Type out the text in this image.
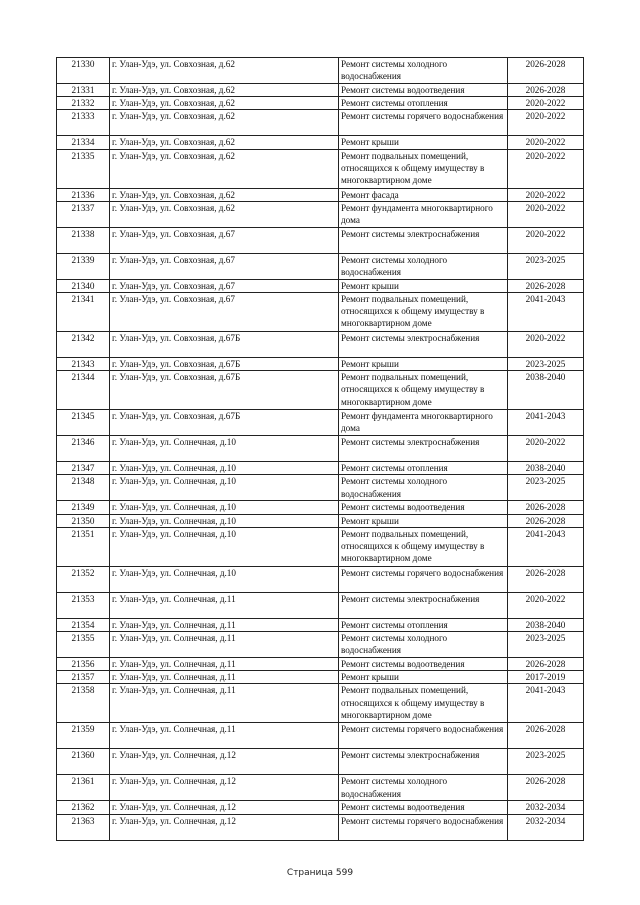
21330	г. Улан-Удэ, ул. Совхозная, д.62	Ремонт системы холодного водоснабжения	2026-2028
21331	г. Улан-Удэ, ул. Совхозная, д.62	Ремонт системы водоотведения	2026-2028
21332	г. Улан-Удэ, ул. Совхозная, д.62	Ремонт системы отопления	2020-2022
21333	г. Улан-Удэ, ул. Совхозная, д.62	Ремонт системы горячего водоснабжения	2020-2022
21334	г. Улан-Удэ, ул. Совхозная, д.62	Ремонт крыши	2020-2022
21335	г. Улан-Удэ, ул. Совхозная, д.62	Ремонт подвальных помещений, относящихся к общему имуществу в многоквартирном доме	2020-2022
21336	г. Улан-Удэ, ул. Совхозная, д.62	Ремонт фасада	2020-2022
21337	г. Улан-Удэ, ул. Совхозная, д.62	Ремонт фундамента многоквартирного дома	2020-2022
21338	г. Улан-Удэ, ул. Совхозная, д.67	Ремонт системы электроснабжения	2020-2022
21339	г. Улан-Удэ, ул. Совхозная, д.67	Ремонт системы холодного водоснабжения	2023-2025
21340	г. Улан-Удэ, ул. Совхозная, д.67	Ремонт крыши	2026-2028
21341	г. Улан-Удэ, ул. Совхозная, д.67	Ремонт подвальных помещений, относящихся к общему имуществу в многоквартирном доме	2041-2043
21342	г. Улан-Удэ, ул. Совхозная, д.67Б	Ремонт системы электроснабжения	2020-2022
21343	г. Улан-Удэ, ул. Совхозная, д.67Б	Ремонт крыши	2023-2025
21344	г. Улан-Удэ, ул. Совхозная, д.67Б	Ремонт подвальных помещений, относящихся к общему имуществу в многоквартирном доме	2038-2040
21345	г. Улан-Удэ, ул. Совхозная, д.67Б	Ремонт фундамента многоквартирного дома	2041-2043
21346	г. Улан-Удэ, ул. Солнечная, д.10	Ремонт системы электроснабжения	2020-2022
21347	г. Улан-Удэ, ул. Солнечная, д.10	Ремонт системы отопления	2038-2040
21348	г. Улан-Удэ, ул. Солнечная, д.10	Ремонт системы холодного водоснабжения	2023-2025
21349	г. Улан-Удэ, ул. Солнечная, д.10	Ремонт системы водоотведения	2026-2028
21350	г. Улан-Удэ, ул. Солнечная, д.10	Ремонт крыши	2026-2028
21351	г. Улан-Удэ, ул. Солнечная, д.10	Ремонт подвальных помещений, относящихся к общему имуществу в многоквартирном доме	2041-2043
21352	г. Улан-Удэ, ул. Солнечная, д.10	Ремонт системы горячего водоснабжения	2026-2028
21353	г. Улан-Удэ, ул. Солнечная, д.11	Ремонт системы электроснабжения	2020-2022
21354	г. Улан-Удэ, ул. Солнечная, д.11	Ремонт системы отопления	2038-2040
21355	г. Улан-Удэ, ул. Солнечная, д.11	Ремонт системы холодного водоснабжения	2023-2025
21356	г. Улан-Удэ, ул. Солнечная, д.11	Ремонт системы водоотведения	2026-2028
21357	г. Улан-Удэ, ул. Солнечная, д.11	Ремонт крыши	2017-2019
21358	г. Улан-Удэ, ул. Солнечная, д.11	Ремонт подвальных помещений, относящихся к общему имуществу в многоквартирном доме	2041-2043
21359	г. Улан-Удэ, ул. Солнечная, д.11	Ремонт системы горячего водоснабжения	2026-2028
21360	г. Улан-Удэ, ул. Солнечная, д.12	Ремонт системы электроснабжения	2023-2025
21361	г. Улан-Удэ, ул. Солнечная, д.12	Ремонт системы холодного водоснабжения	2026-2028
21362	г. Улан-Удэ, ул. Солнечная, д.12	Ремонт системы водоотведения	2032-2034
21363	г. Улан-Удэ, ул. Солнечная, д.12	Ремонт системы горячего водоснабжения	2032-2034
Страница 599
